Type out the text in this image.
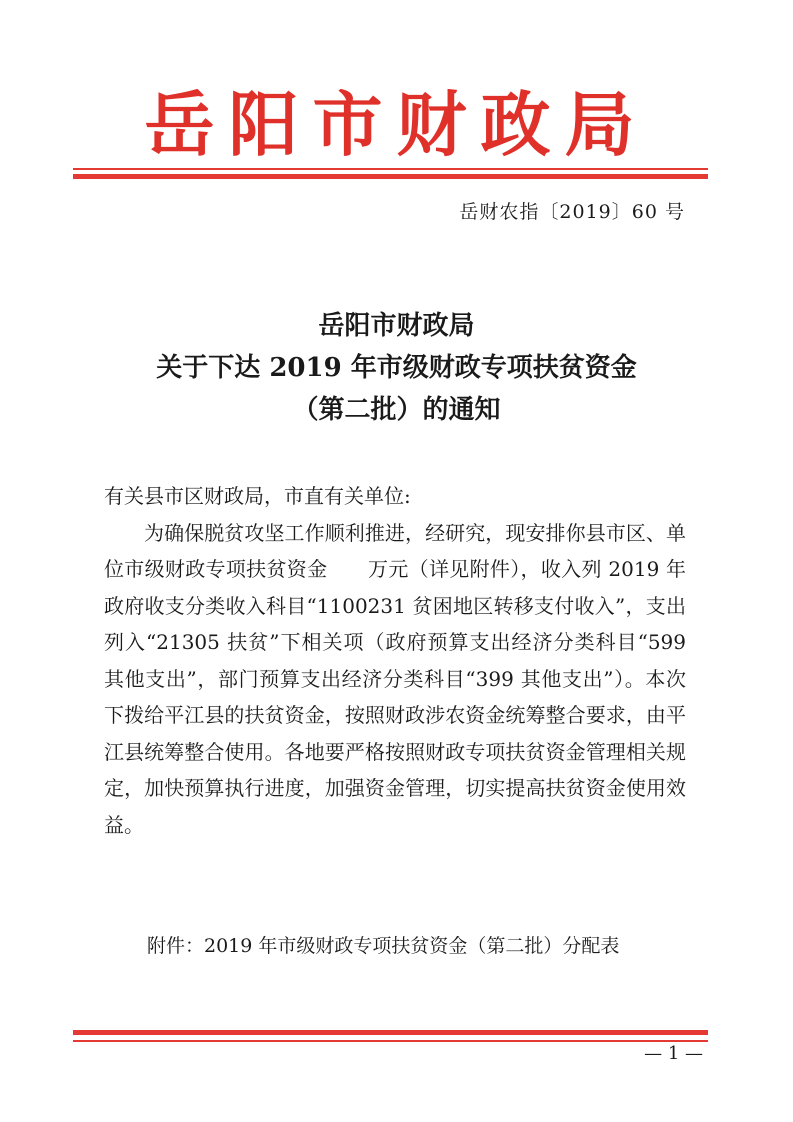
岳阳市财政局
岳财农指〔2019〕60 号
岳阳市财政局
关于下达 2019 年市级财政专项扶贫资金
（第二批）的通知

有关县市区财政局，市直有关单位:

为确保脱贫攻坚工作顺利推进，经研究，现安排你县市区、单位市级财政专项扶贫资金　　万元（详见附件），收入列 2019 年政府收支分类收入科目“1100231 贫困地区转移支付收入”，支出列入“21305 扶贫”下相关项（政府预算支出经济分类科目“599 其他支出”，部门预算支出经济分类科目“399 其他支出”）。本次下拨给平江县的扶贫资金，按照财政涉农资金统筹整合要求，由平江县统筹整合使用。各地要严格按照财政专项扶贫资金管理相关规定，加快预算执行进度，加强资金管理，切实提高扶贫资金使用效益。

附件：2019 年市级财政专项扶贫资金（第二批）分配表
— 1 —
